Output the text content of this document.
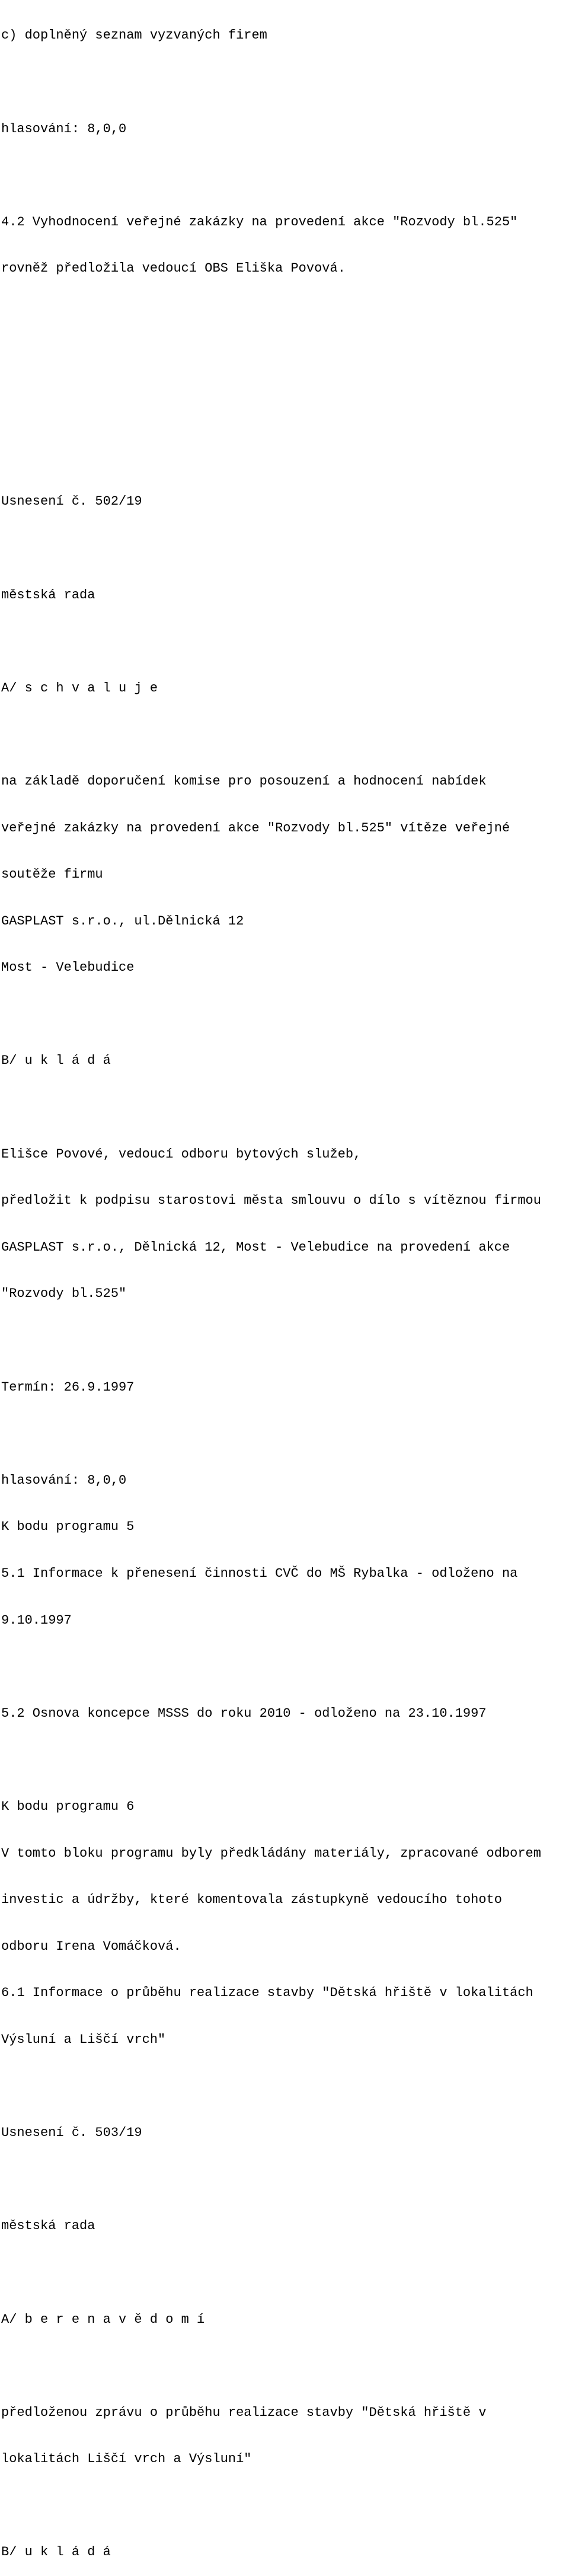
c) doplněný seznam vyzvaných firem

hlasování: 8,0,0

4.2 Vyhodnocení veřejné zakázky na provedení akce "Rozvody bl.525"

rovněž předložila vedoucí OBS Eliška Povová.

Usnesení č. 502/19

městská rada

A/ s c h v a l u j e

na základě doporučení komise pro posouzení a hodnocení nabídek

veřejné zakázky na provedení akce "Rozvody bl.525" vítěze veřejné

soutěže firmu

GASPLAST s.r.o., ul.Dělnická 12

Most - Velebudice

B/ u k l á d á

Elišce Povové, vedoucí odboru bytových služeb,

předložit k podpisu starostovi města smlouvu o dílo s vítěznou firmou

GASPLAST s.r.o., Dělnická 12, Most - Velebudice na provedení akce

"Rozvody bl.525"

Termín: 26.9.1997

hlasování: 8,0,0

K bodu programu 5

5.1 Informace k přenesení činnosti CVČ do MŠ Rybalka - odloženo na

9.10.1997

5.2 Osnova koncepce MSSS do roku 2010 - odloženo na 23.10.1997

K bodu programu 6

V tomto bloku programu byly předkládány materiály, zpracované odborem

investic a údržby, které komentovala zástupkyně vedoucího tohoto

odboru Irena Vomáčková.

6.1 Informace o průběhu realizace stavby "Dětská hřiště v lokalitách

Výsluní a Liščí vrch"

Usnesení č. 503/19

městská rada

A/ b e r e n a v ě d o m í

předloženou zprávu o průběhu realizace stavby "Dětská hřiště v

lokalitách Liščí vrch a Výsluní"

B/ u k l á d á
